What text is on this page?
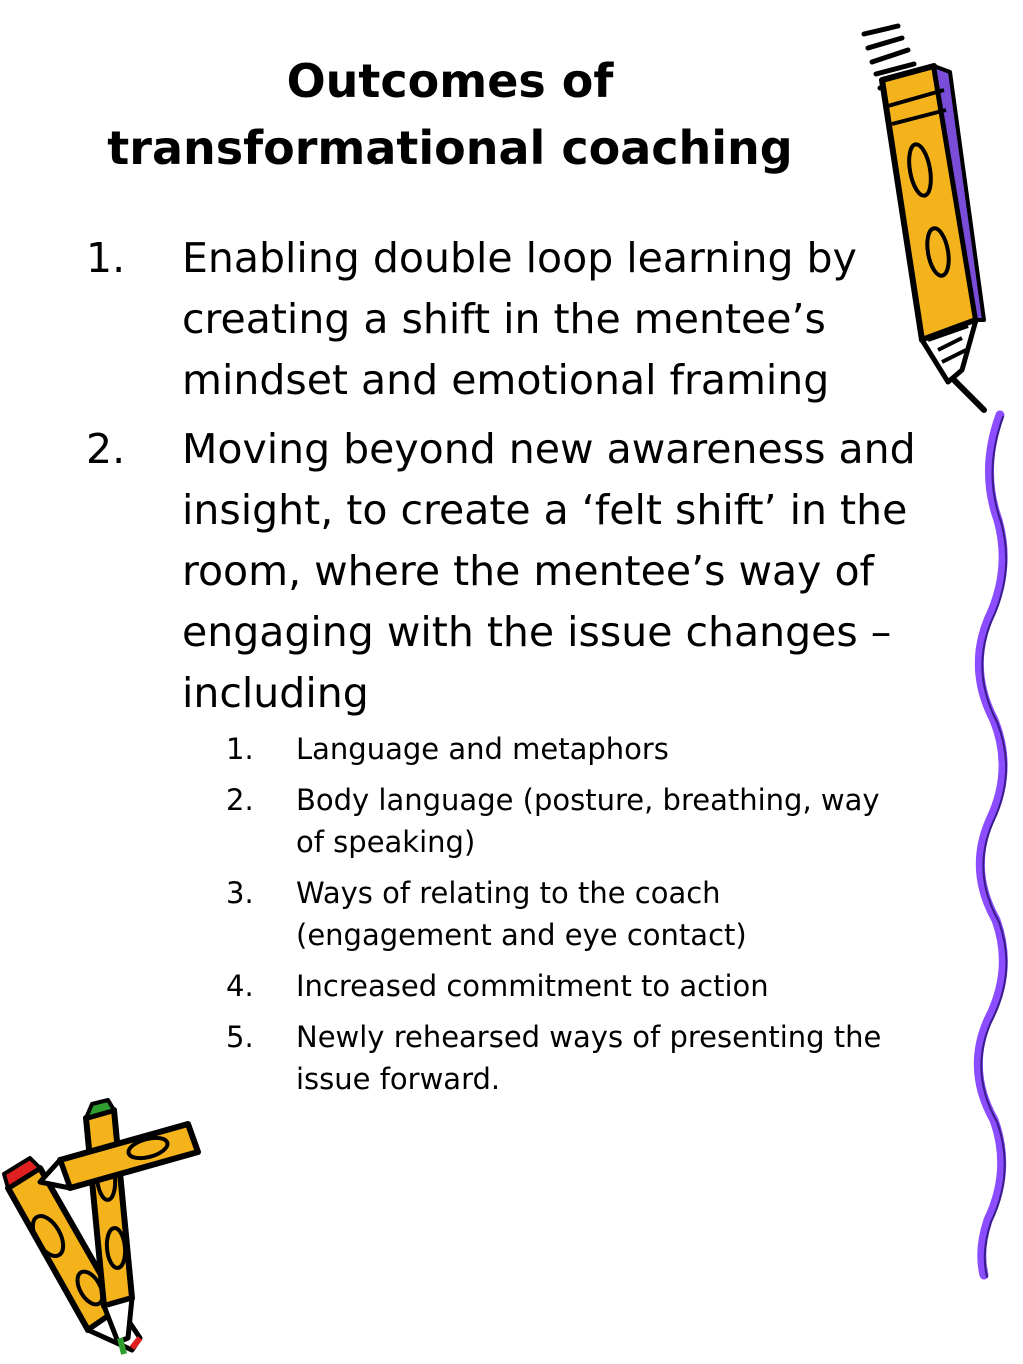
Outcomes of
transformational coaching
1. Enabling double loop learning by creating a shift in the mentee’s mindset and emotional framing
2. Moving beyond new awareness and insight, to create a ‘felt shift’ in the room, where the mentee’s way of engaging with the issue changes – including
1. Language and metaphors
2. Body language (posture, breathing, way of speaking)
3. Ways of relating to the coach (engagement and eye contact)
4. Increased commitment to action
5. Newly rehearsed ways of presenting the issue forward.
